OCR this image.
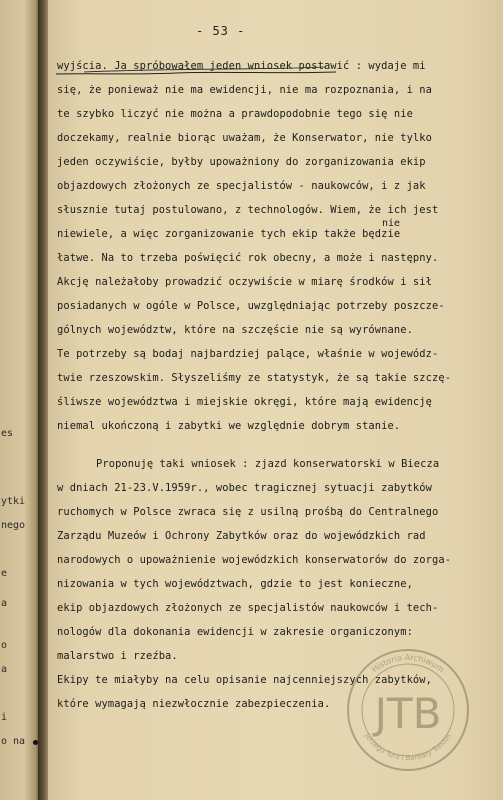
es
ytki
nego
e
a
o
a
i
o na
- 53 -
wyjścia. Ja spróbowałem jeden wniosek postawić : wydaje mi
się, że ponieważ nie ma ewidencji, nie ma rozpoznania, i na
te szybko liczyć nie można a prawdopodobnie tego się nie
doczekamy, realnie biorąc uważam, że Konserwator, nie tylko
jeden oczywiście, byłby upoważniony do zorganizowania ekip
objazdowych złożonych ze specjalistów - naukowców, i z jak
słusznie tutaj postulowano, z technologów. Wiem, że ich jest
nie
niewiele, a więc zorganizowanie tych ekip także będzie
łatwe. Na to trzeba poświęcić rok obecny, a może i następny.
Akcję należałoby prowadzić oczywiście w miarę środków i sił
posiadanych w ogóle w Polsce, uwzględniając potrzeby poszcze-
gólnych województw, które na szczęście nie są wyrównane.
Te potrzeby są bodaj najbardziej palące, właśnie w wojewódz-
twie rzeszowskim. Słyszeliśmy ze statystyk, że są takie szczę-
śliwsze województwa i miejskie okręgi, które mają ewidencję
niemal ukończoną i zabytki we względnie dobrym stanie.
Proponuję taki wniosek : zjazd konserwatorski w Biecza
w dniach 21-23.V.1959r., wobec tragicznej sytuacji zabytków
ruchomych w Polsce zwraca się z usilną prośbą do Centralnego
Zarządu Muzeów i Ochrony Zabytków oraz do wojewódzkich rad
narodowych o upoważnienie wojewódzkich konserwatorów do zorga-
nizowania w tych województwach, gdzie to jest konieczne,
ekip objazdowych złożonych ze specjalistów naukowców i tech-
nologów dla dokonania ewidencji w zakresie organiczonym:
malarstwo i rzeźba.
Ekipy te miałyby na celu opisanie najcenniejszych zabytków,
które wymagają niezwłocznie zabezpieczenia. JTB
Historia Archiwum
Jerzego Tura i Barbary Tondos
